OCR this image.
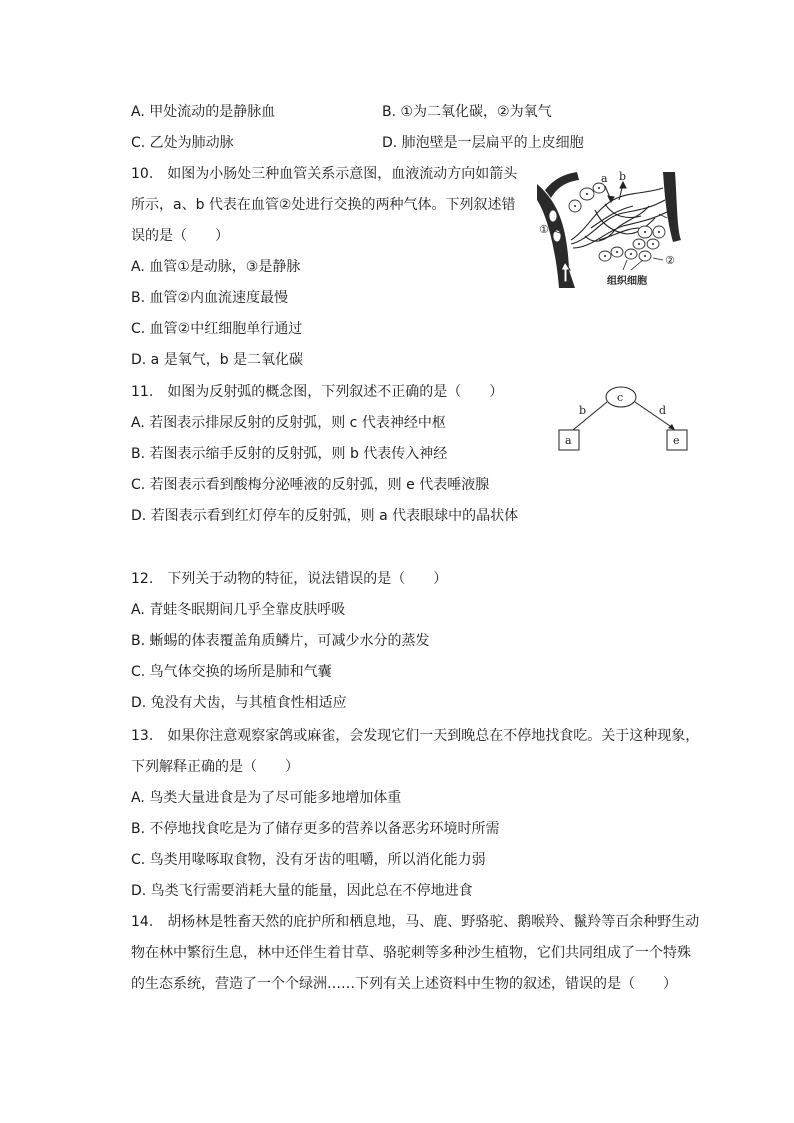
A. 甲处流动的是静脉血	B. ①为二氧化碳，②为氧气
C. 乙处为肺动脉	D. 肺泡壁是一层扁平的上皮细胞
10.　如图为小肠处三种血管关系示意图，血液流动方向如箭头
所示，a、b 代表在血管②处进行交换的两种气体。下列叙述错
误的是（　　）
A. 血管①是动脉，③是静脉
B. 血管②内血流速度最慢
C. 血管②中红细胞单行通过
D. a 是氧气，b 是二氧化碳
a b
①
③
②
组织细胞
11.　如图为反射弧的概念图，下列叙述不正确的是（　　）
A. 若图表示排尿反射的反射弧，则 c 代表神经中枢
B. 若图表示缩手反射的反射弧，则 b 代表传入神经
C. 若图表示看到酸梅分泌唾液的反射弧，则 e 代表唾液腺
D. 若图表示看到红灯停车的反射弧，则 a 代表眼球中的晶状体
c
b	d
a	e
12.　下列关于动物的特征，说法错误的是（　　）
A. 青蛙冬眠期间几乎全靠皮肤呼吸
B. 蜥蜴的体表覆盖角质鳞片，可减少水分的蒸发
C. 鸟气体交换的场所是肺和气囊
D. 兔没有犬齿，与其植食性相适应
13.　如果你注意观察家鸽或麻雀，会发现它们一天到晚总在不停地找食吃。关于这种现象，
下列解释正确的是（　　）
A. 鸟类大量进食是为了尽可能多地增加体重
B. 不停地找食吃是为了储存更多的营养以备恶劣环境时所需
C. 鸟类用喙啄取食物，没有牙齿的咀嚼，所以消化能力弱
D. 鸟类飞行需要消耗大量的能量，因此总在不停地进食
14.　胡杨林是牲畜天然的庇护所和栖息地，马、鹿、野骆驼、鹅喉羚、鬣羚等百余种野生动
物在林中繁衍生息，林中还伴生着甘草、骆驼刺等多种沙生植物，它们共同组成了一个特殊
的生态系统，营造了一个个绿洲……下列有关上述资料中生物的叙述，错误的是（　　）
